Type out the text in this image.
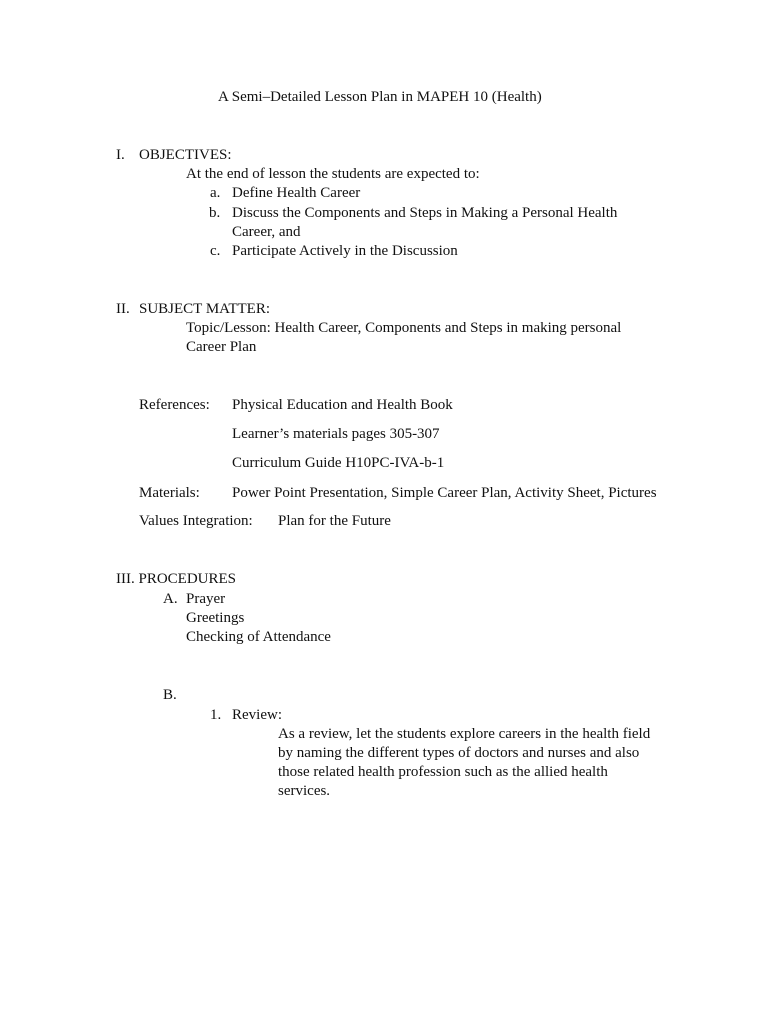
A Semi–Detailed Lesson Plan in MAPEH 10 (Health)
I. OBJECTIVES:
At the end of lesson the students are expected to:
a. Define Health Career
b. Discuss the Components and Steps in Making a Personal Health
Career, and
c. Participate Actively in the Discussion
II. SUBJECT MATTER:
Topic/Lesson: Health Career, Components and Steps in making personal
Career Plan
References: Physical Education and Health Book
Learner’s materials pages 305-307
Curriculum Guide H10PC-IVA-b-1
Materials: Power Point Presentation, Simple Career Plan, Activity Sheet, Pictures
Values Integration: Plan for the Future
III. PROCEDURES
A. Prayer
Greetings
Checking of Attendance
B.
1. Review:
As a review, let the students explore careers in the health field
by naming the different types of doctors and nurses and also
those related health profession such as the allied health
services.
